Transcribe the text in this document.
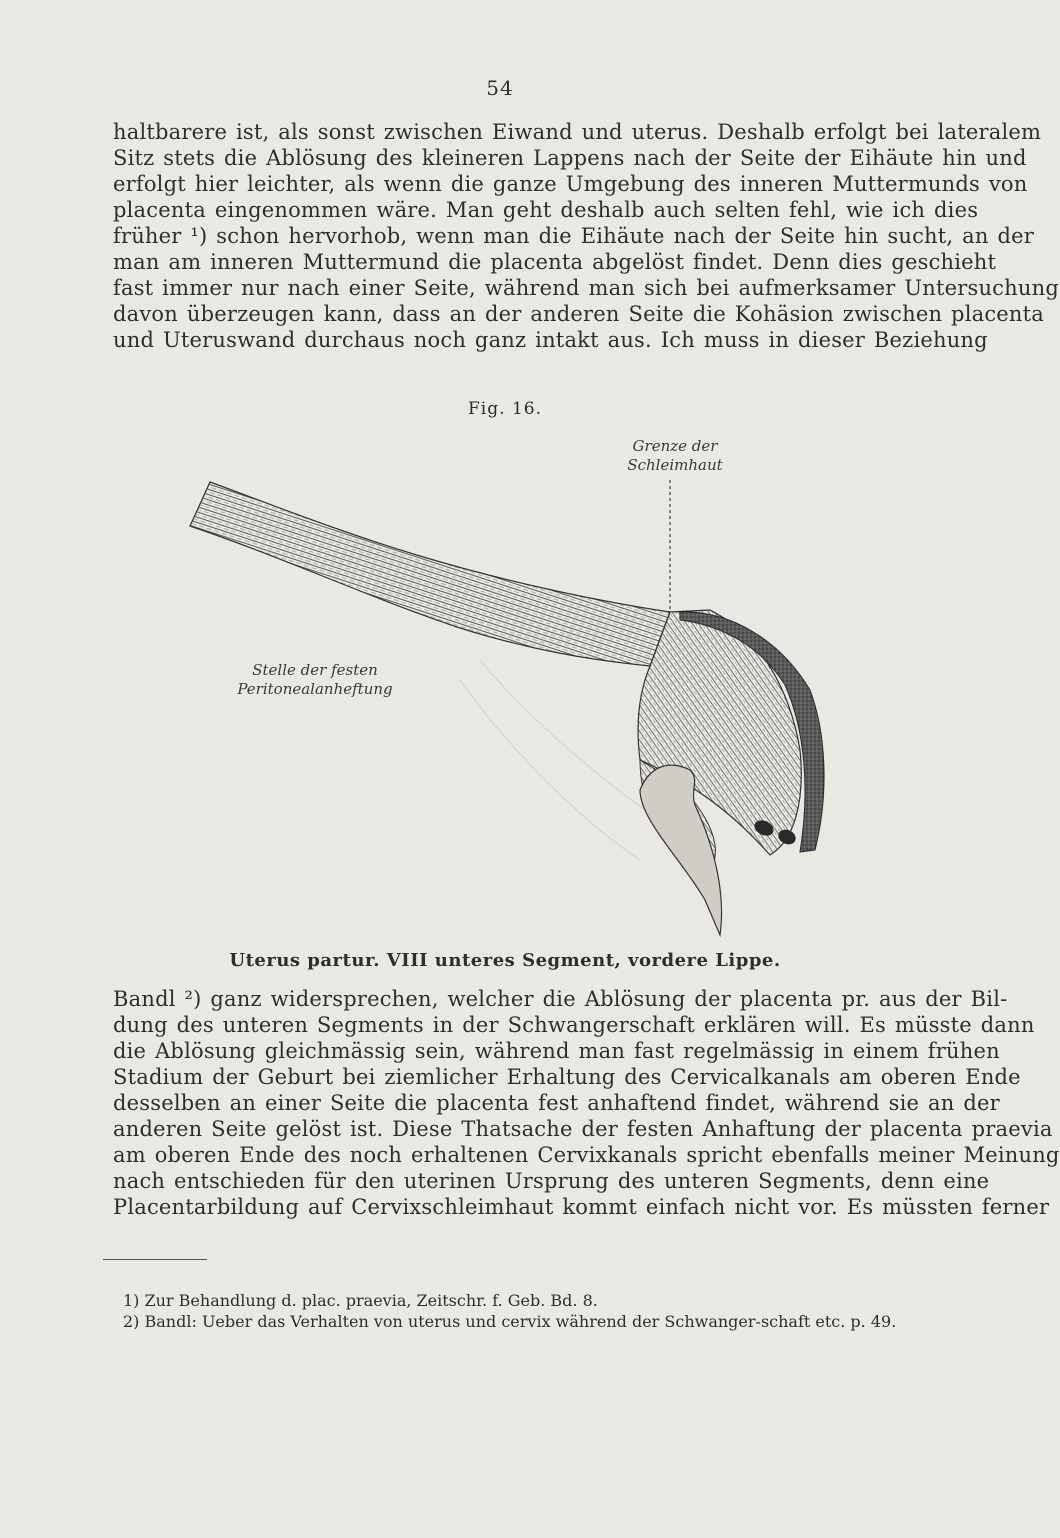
54
haltbarere ist, als sonst zwischen Eiwand und uterus. Deshalb erfolgt bei lateralem
Sitz stets die Ablösung des kleineren Lappens nach der Seite der Eihäute hin und
erfolgt hier leichter, als wenn die ganze Umgebung des inneren Muttermunds von
placenta eingenommen wäre. Man geht deshalb auch selten fehl, wie ich dies
früher ¹) schon hervorhob, wenn man die Eihäute nach der Seite hin sucht, an der
man am inneren Muttermund die placenta abgelöst findet. Denn dies geschieht
fast immer nur nach einer Seite, während man sich bei aufmerksamer Untersuchung
davon überzeugen kann, dass an der anderen Seite die Kohäsion zwischen placenta
und Uteruswand durchaus noch ganz intakt aus. Ich muss in dieser Beziehung
Fig. 16.
Grenze der
Schleimhaut
Stelle der festen
Peritonealanheftung
Uterus partur. VIII unteres Segment, vordere Lippe.
Bandl ²) ganz widersprechen, welcher die Ablösung der placenta pr. aus der Bil-
dung des unteren Segments in der Schwangerschaft erklären will. Es müsste dann
die Ablösung gleichmässig sein, während man fast regelmässig in einem frühen
Stadium der Geburt bei ziemlicher Erhaltung des Cervicalkanals am oberen Ende
desselben an einer Seite die placenta fest anhaftend findet, während sie an der
anderen Seite gelöst ist. Diese Thatsache der festen Anhaftung der placenta praevia
am oberen Ende des noch erhaltenen Cervixkanals spricht ebenfalls meiner Meinung
nach entschieden für den uterinen Ursprung des unteren Segments, denn eine
Placentarbildung auf Cervixschleimhaut kommt einfach nicht vor. Es müssten ferner

1) Zur Behandlung d. plac. praevia, Zeitschr. f. Geb. Bd. 8.

2) Bandl: Ueber das Verhalten von uterus und cervix während der Schwanger-schaft etc. p. 49.
